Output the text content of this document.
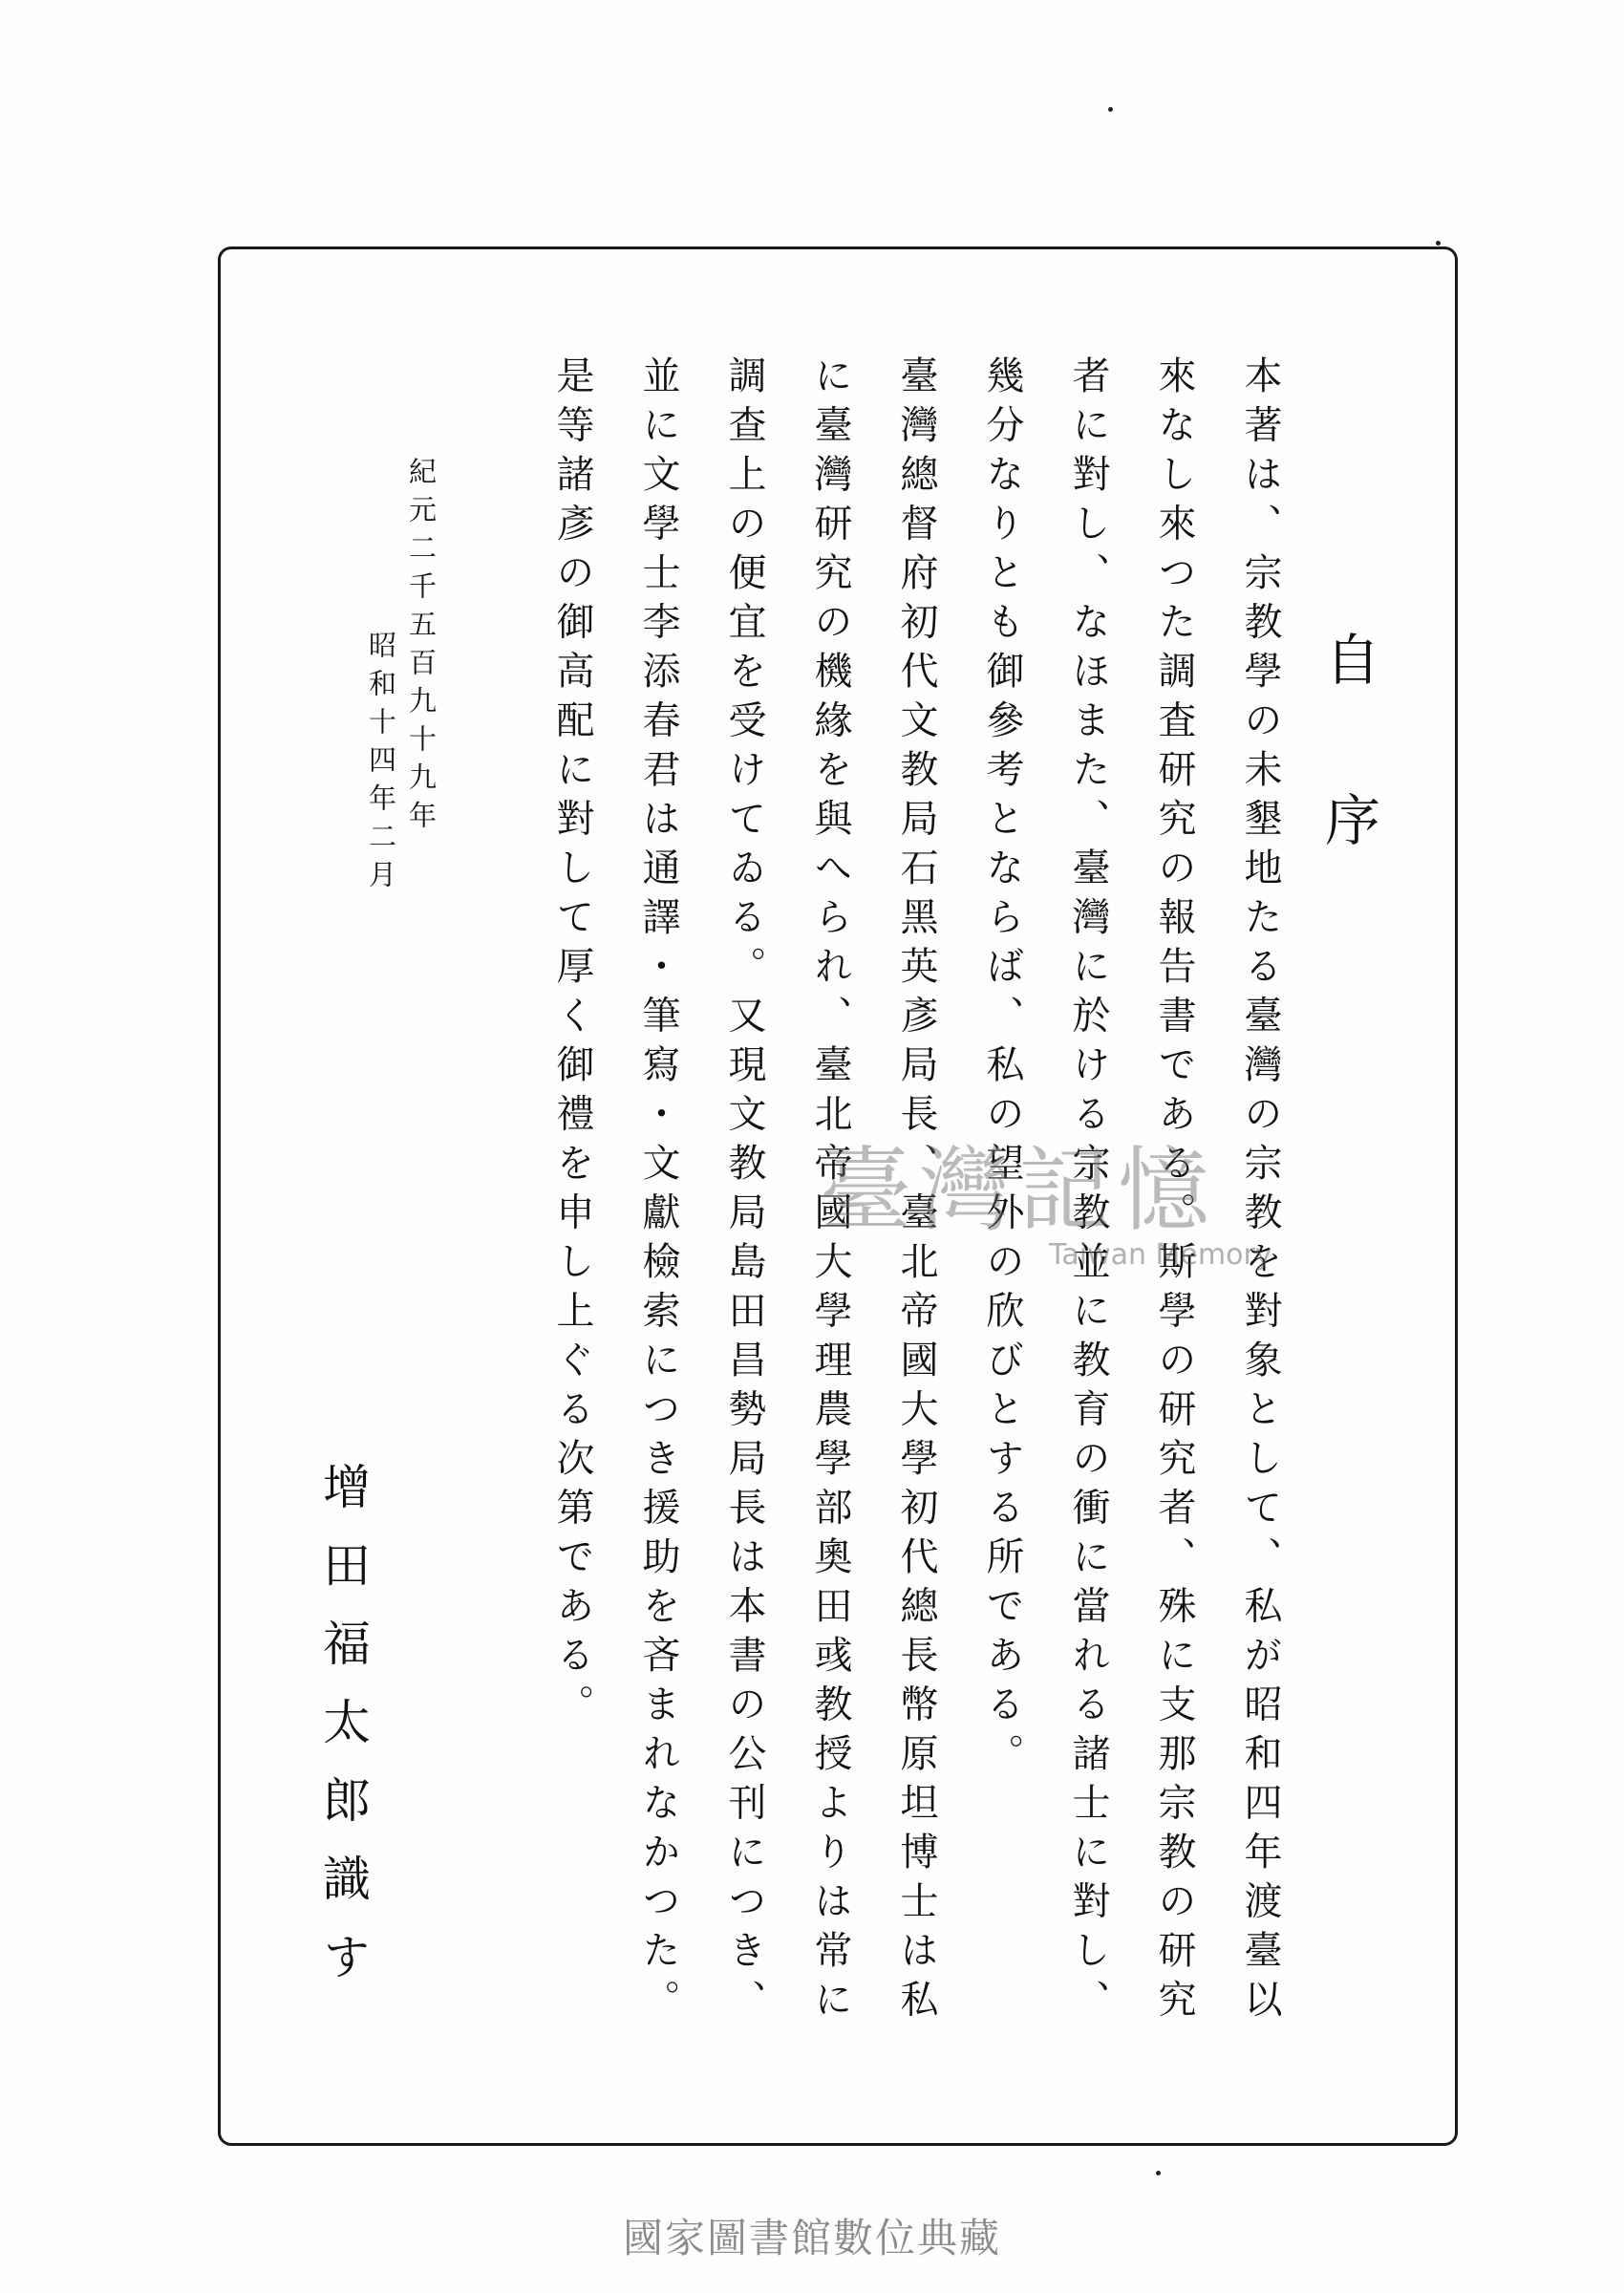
自序

本著は、宗教學の未墾地たる臺灣の宗教を對象として、私が昭和四年渡臺以來なし來つた調査研究の報告書である。斯學の研究者、殊に支那宗教の研究者に對し、なほまた、臺灣に於ける宗教並に教育の衝に當れる諸士に對し、幾分なりとも御參考とならば、私の望外の欣びとする所である。

臺灣總督府初代文教局石黑英彥局長、臺北帝國大學初代總長幣原坦博士は私に臺灣研究の機緣を與へられ、臺北帝國大學理農學部奧田彧教授よりは常に調查上の便宜を受けてゐる。又現文教局島田昌勢局長は本書の公刊につき、並に文學士李添春君は通譯・筆寫・文獻檢索につき援助を吝まれなかつた。是等諸彥の御高配に對して厚く御禮を申し上ぐる次第である。

紀元二千五百九十九年
昭和十四年二月
增田福太郎識す
臺灣記憶
Taiwan Memory
國家圖書館數位典藏
